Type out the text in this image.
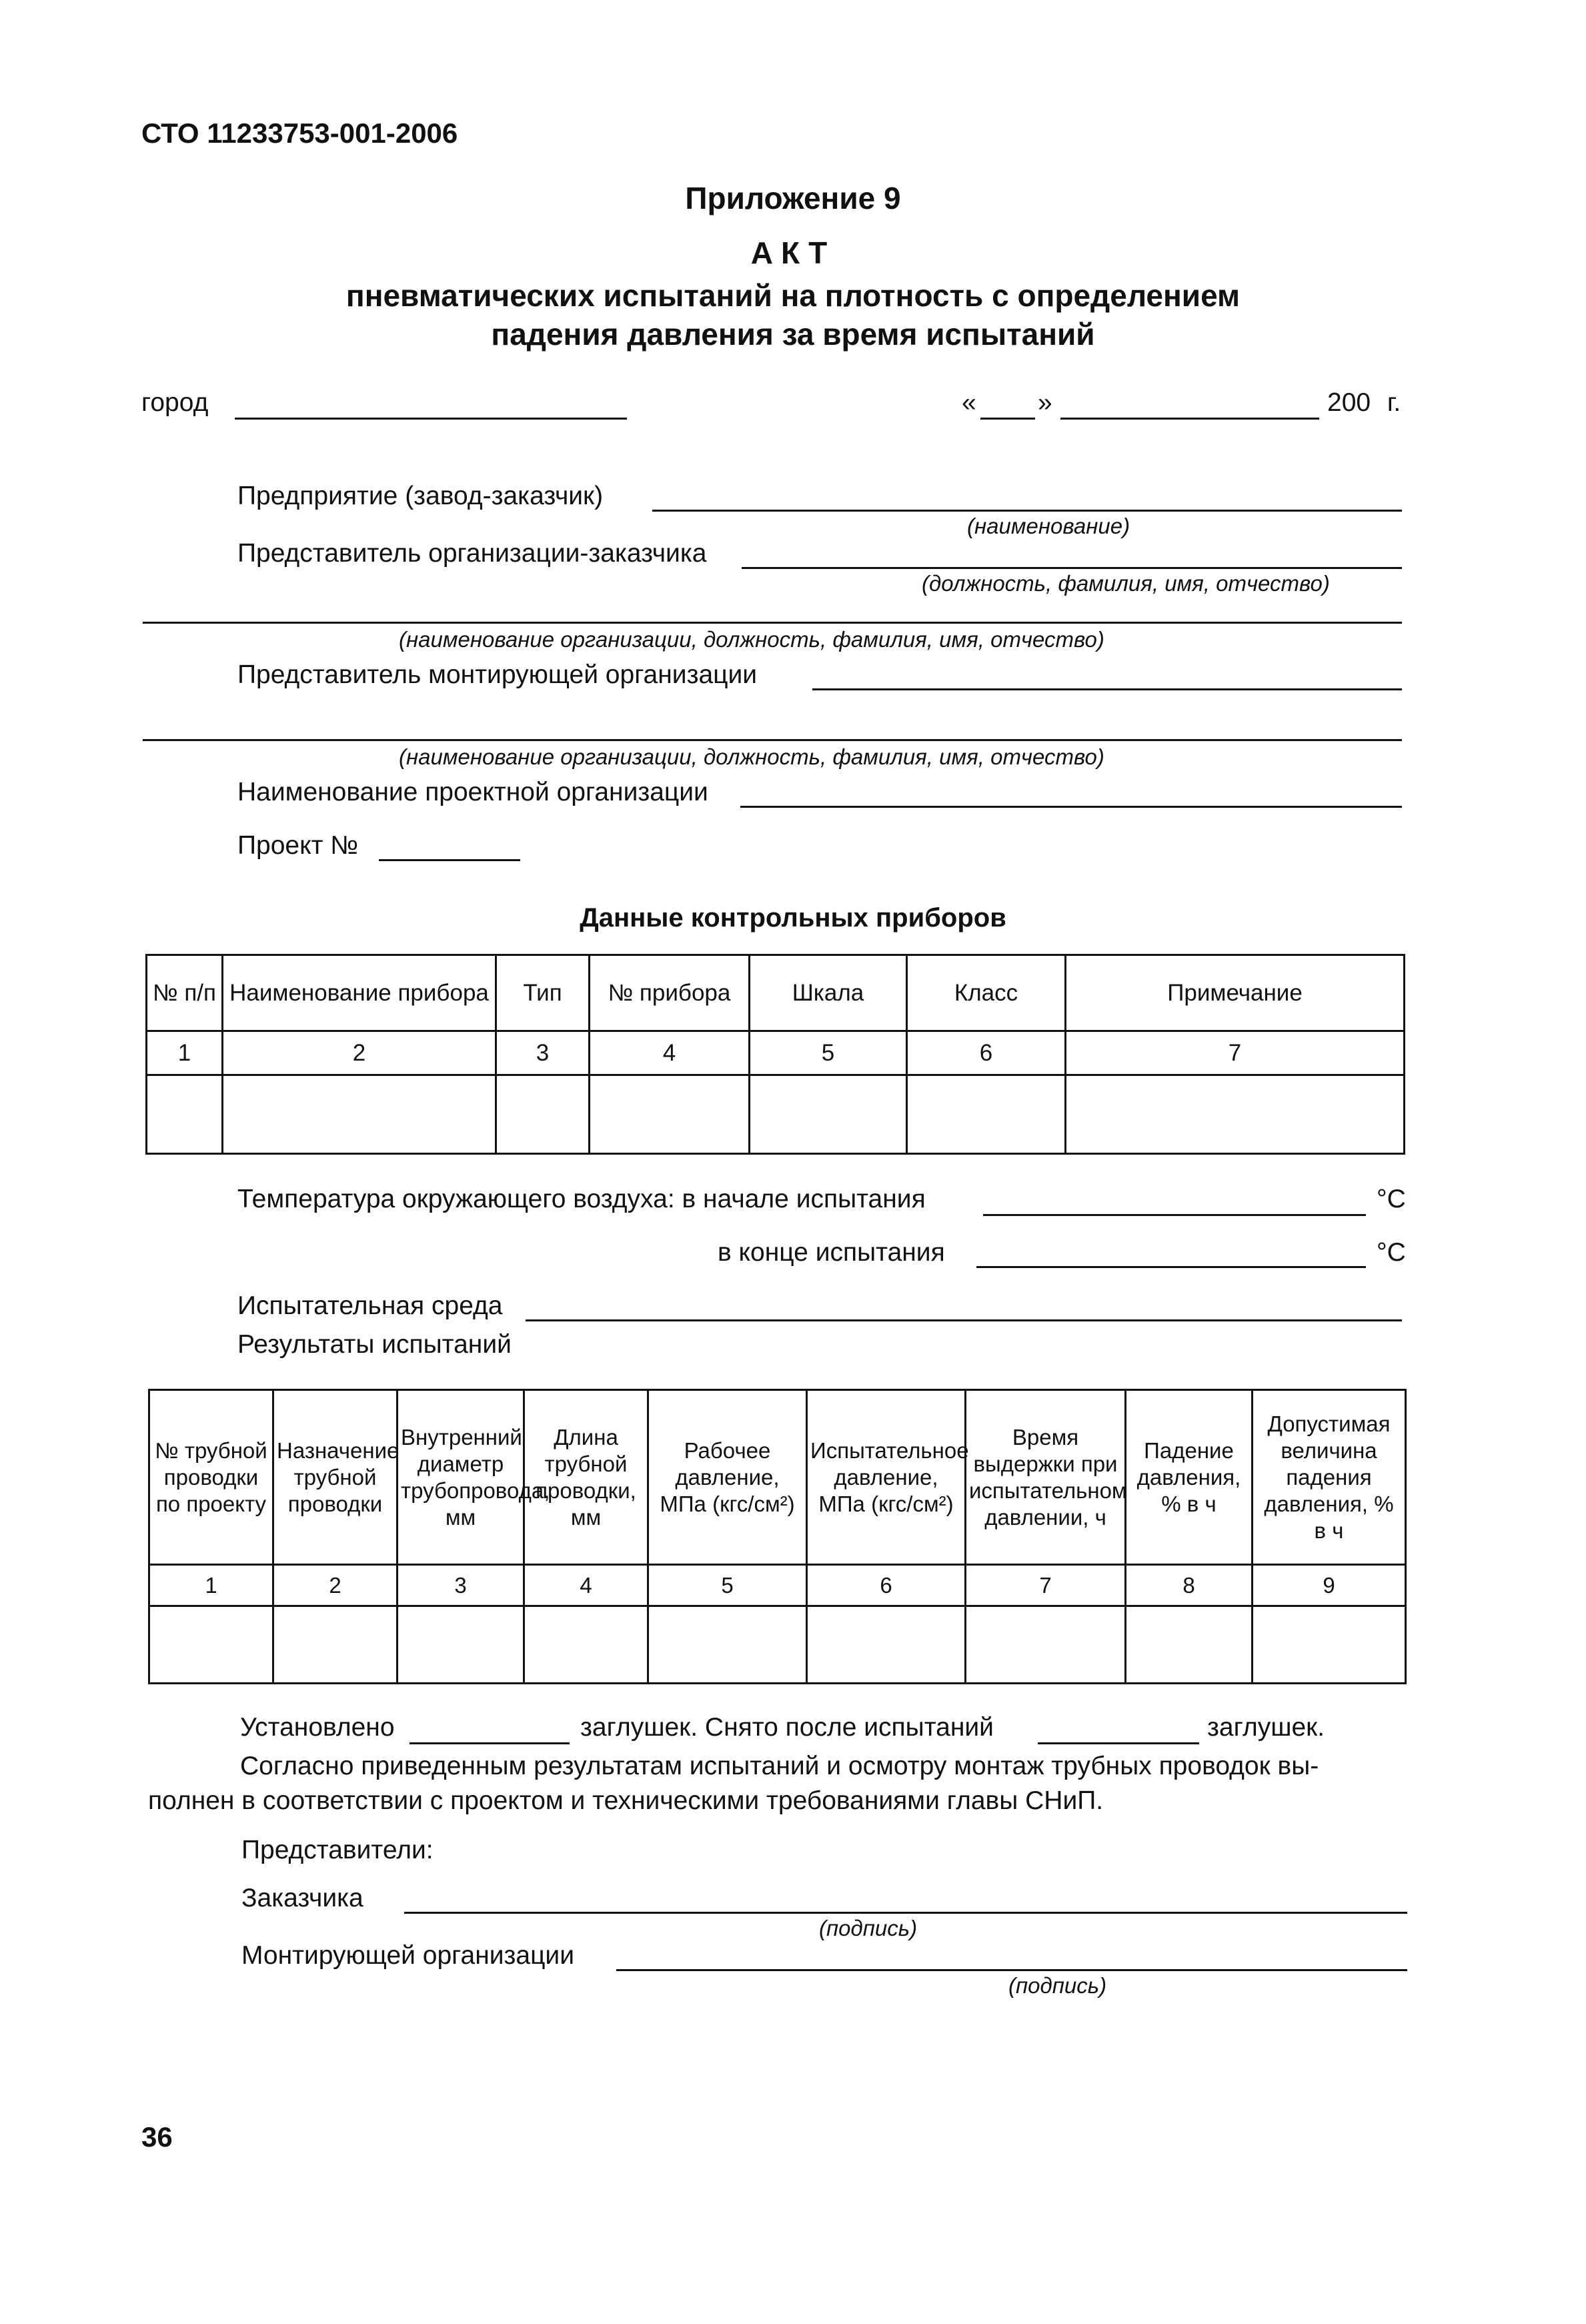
СТО 11233753-001-2006
Приложение 9
АКТ
пневматических испытаний на плотность с определением
падения давления за время испытаний
город	« »	200 г.
Предприятие (завод-заказчик)
(наименование)
Представитель организации-заказчика
(должность, фамилия, имя, отчество)
(наименование организации, должность, фамилия, имя, отчество)
Представитель монтирующей организации
(наименование организации, должность, фамилия, имя, отчество)
Наименование проектной организации
Проект №
Данные контрольных приборов
№ п/п	Наименование прибора	Тип	№ прибора	Шкала	Класс	Примечание
1	2	3	4	5	6	7

Температура окружающего воздуха: в начале испытания	°С
в конце испытания	°С
Испытательная среда
Результаты испытаний
№ трубной проводки по проекту	Назначение трубной проводки	Внутренний диаметр трубопровода, мм	Длина трубной проводки, мм	Рабочее давление, МПа (кгс/см²)	Испытательное давление, МПа (кгс/см²)	Время выдержки при испытательном давлении, ч	Падение давления, % в ч	Допустимая величина падения давления, % в ч
1	2	3	4	5	6	7	8	9

Установлено	заглушек. Снято после испытаний	заглушек.
Согласно приведенным результатам испытаний и осмотру монтаж трубных проводок вы-
полнен в соответствии с проектом и техническими требованиями главы СНиП.
Представители:
Заказчика
(подпись)
Монтирующей организации
(подпись)
36
